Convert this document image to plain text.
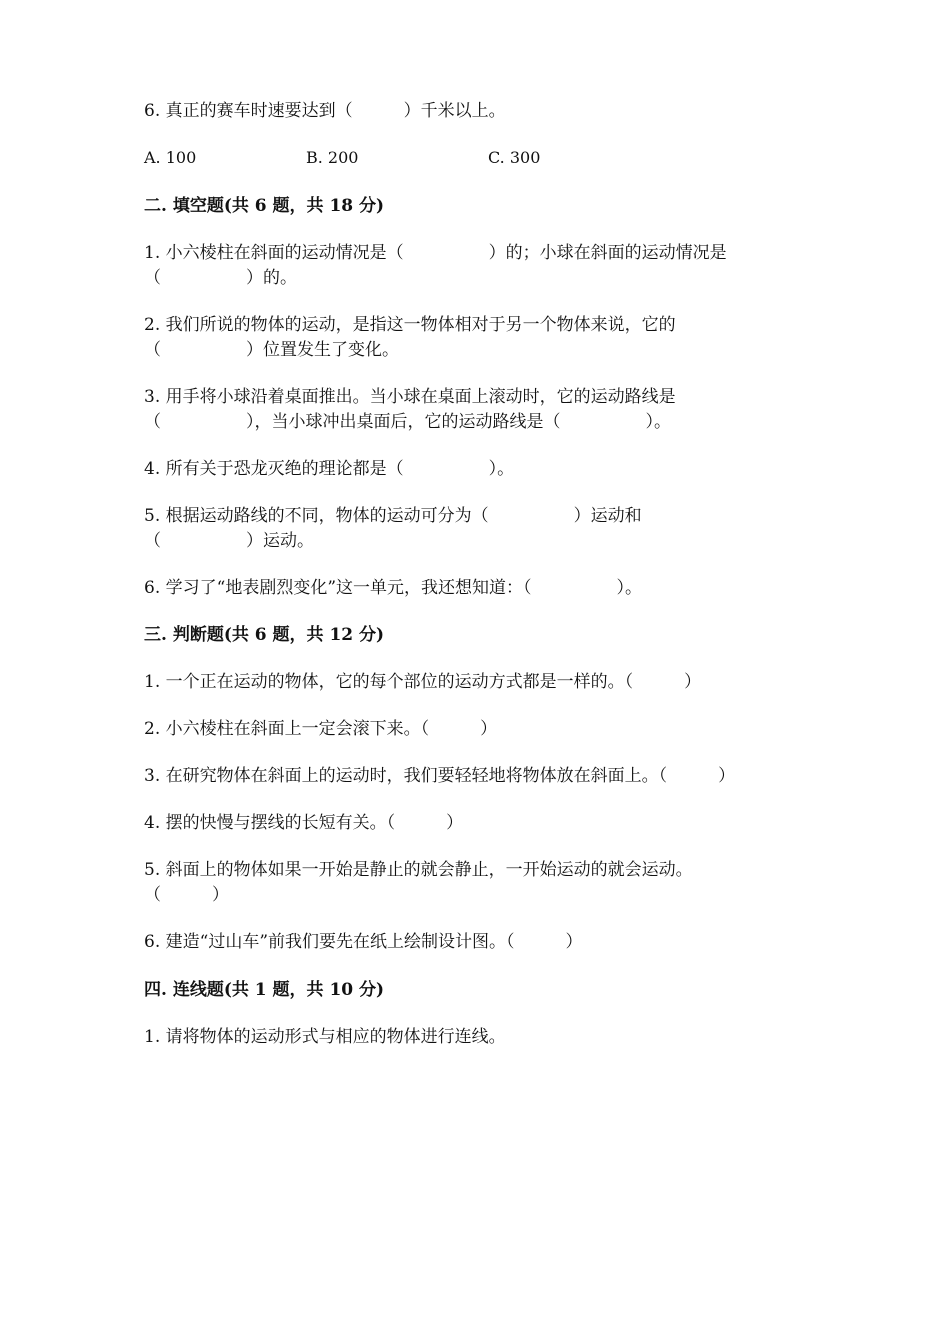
6. 真正的赛车时速要达到（　　　）千米以上。
A. 100	B. 200	C. 300
二. 填空题(共 6 题，共 18 分)
1. 小六棱柱在斜面的运动情况是（　　　　　）的；小球在斜面的运动情况是
（　　　　　）的。
2. 我们所说的物体的运动，是指这一物体相对于另一个物体来说，它的
（　　　　　）位置发生了变化。
3. 用手将小球沿着桌面推出。当小球在桌面上滚动时，它的运动路线是
（　　　　　），当小球冲出桌面后，它的运动路线是（　　　　　）。
4. 所有关于恐龙灭绝的理论都是（　　　　　）。
5. 根据运动路线的不同，物体的运动可分为（　　　　　）运动和
（　　　　　）运动。
6. 学习了“地表剧烈变化”这一单元，我还想知道：（　　　　　）。
三. 判断题(共 6 题，共 12 分)
1. 一个正在运动的物体，它的每个部位的运动方式都是一样的。（　　　）
2. 小六棱柱在斜面上一定会滚下来。（　　　）
3. 在研究物体在斜面上的运动时，我们要轻轻地将物体放在斜面上。（　　　）
4. 摆的快慢与摆线的长短有关。（　　　）
5. 斜面上的物体如果一开始是静止的就会静止，一开始运动的就会运动。
（　　　）
6. 建造“过山车”前我们要先在纸上绘制设计图。（　　　）
四. 连线题(共 1 题，共 10 分)
1. 请将物体的运动形式与相应的物体进行连线。
